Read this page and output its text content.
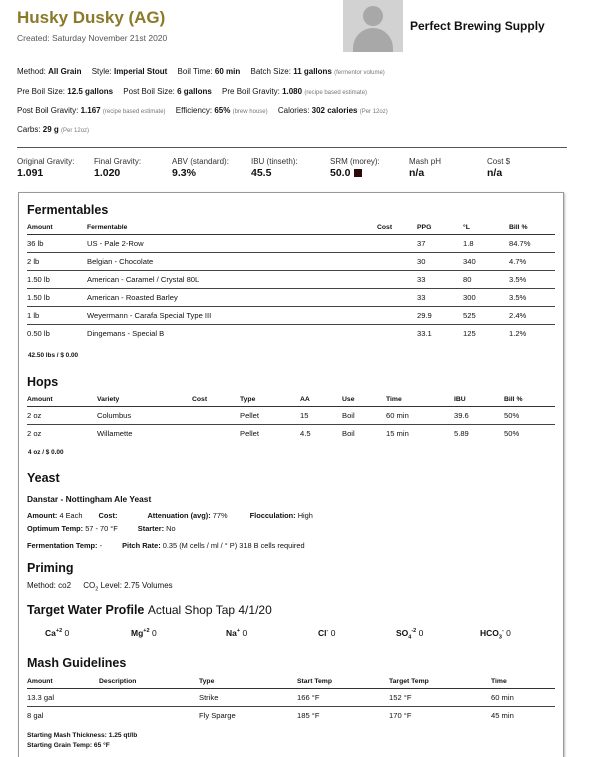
Husky Dusky (AG)
Created: Saturday November 21st 2020
Perfect Brewing Supply
Method: All Grain Style: Imperial Stout Boil Time: 60 min Batch Size: 11 gallons (fermentor volume)
Pre Boil Size: 12.5 gallons Post Boil Size: 6 gallons Pre Boil Gravity: 1.080 (recipe based estimate)
Post Boil Gravity: 1.167 (recipe based estimate) Efficiency: 65% (brew house) Calories: 302 calories (Per 12oz)
Carbs: 29 g (Per 12oz)
Original Gravity:
1.091
Final Gravity:
1.020
ABV (standard):
9.3%
IBU (tinseth):
45.5
SRM (morey):
50.0
Mash pH
n/a
Cost $
n/a
Fermentables
Amount	Fermentable	Cost	PPG	°L	Bill %
36 lb	US - Pale 2-Row		37	1.8	84.7%
2 lb	Belgian - Chocolate		30	340	4.7%
1.50 lb	American - Caramel / Crystal 80L		33	80	3.5%
1.50 lb	American - Roasted Barley		33	300	3.5%
1 lb	Weyermann - Carafa Special Type III		29.9	525	2.4%
0.50 lb	Dingemans - Special B		33.1	125	1.2%
42.50 lbs / $ 0.00
Hops
Amount	Variety	Cost	Type	AA	Use	Time	IBU	Bill %
2 oz	Columbus		Pellet	15	Boil	60 min	39.6	50%
2 oz	Willamette		Pellet	4.5	Boil	15 min	5.89	50%
4 oz / $ 0.00
Yeast
Danstar - Nottingham Ale Yeast
Amount: 4 Each Cost:	Attenuation (avg): 77%	Flocculation: High
Optimum Temp: 57 - 70 °F	Starter: No
Fermentation Temp: -	Pitch Rate: 0.35 (M cells / ml / ° P) 318 B cells required
Priming
Method: co2 $CO_2$ Level: 2.75 Volumes
Target Water Profile Actual Shop Tap 4/1/20
$Ca^{+2}$ 0	$Mg^{+2}$ 0	Na+ 0	Cl- 0	$SO_4^{-2}$ 0	$HCO_3^-$ 0
Mash Guidelines
Amount	Description	Type	Start Temp	Target Temp	Time
13.3 gal		Strike	166 °F	152 °F	60 min
8 gal		Fly Sparge	185 °F	170 °F	45 min
Starting Mash Thickness: 1.25 qt/lb
Starting Grain Temp: 65 °F
